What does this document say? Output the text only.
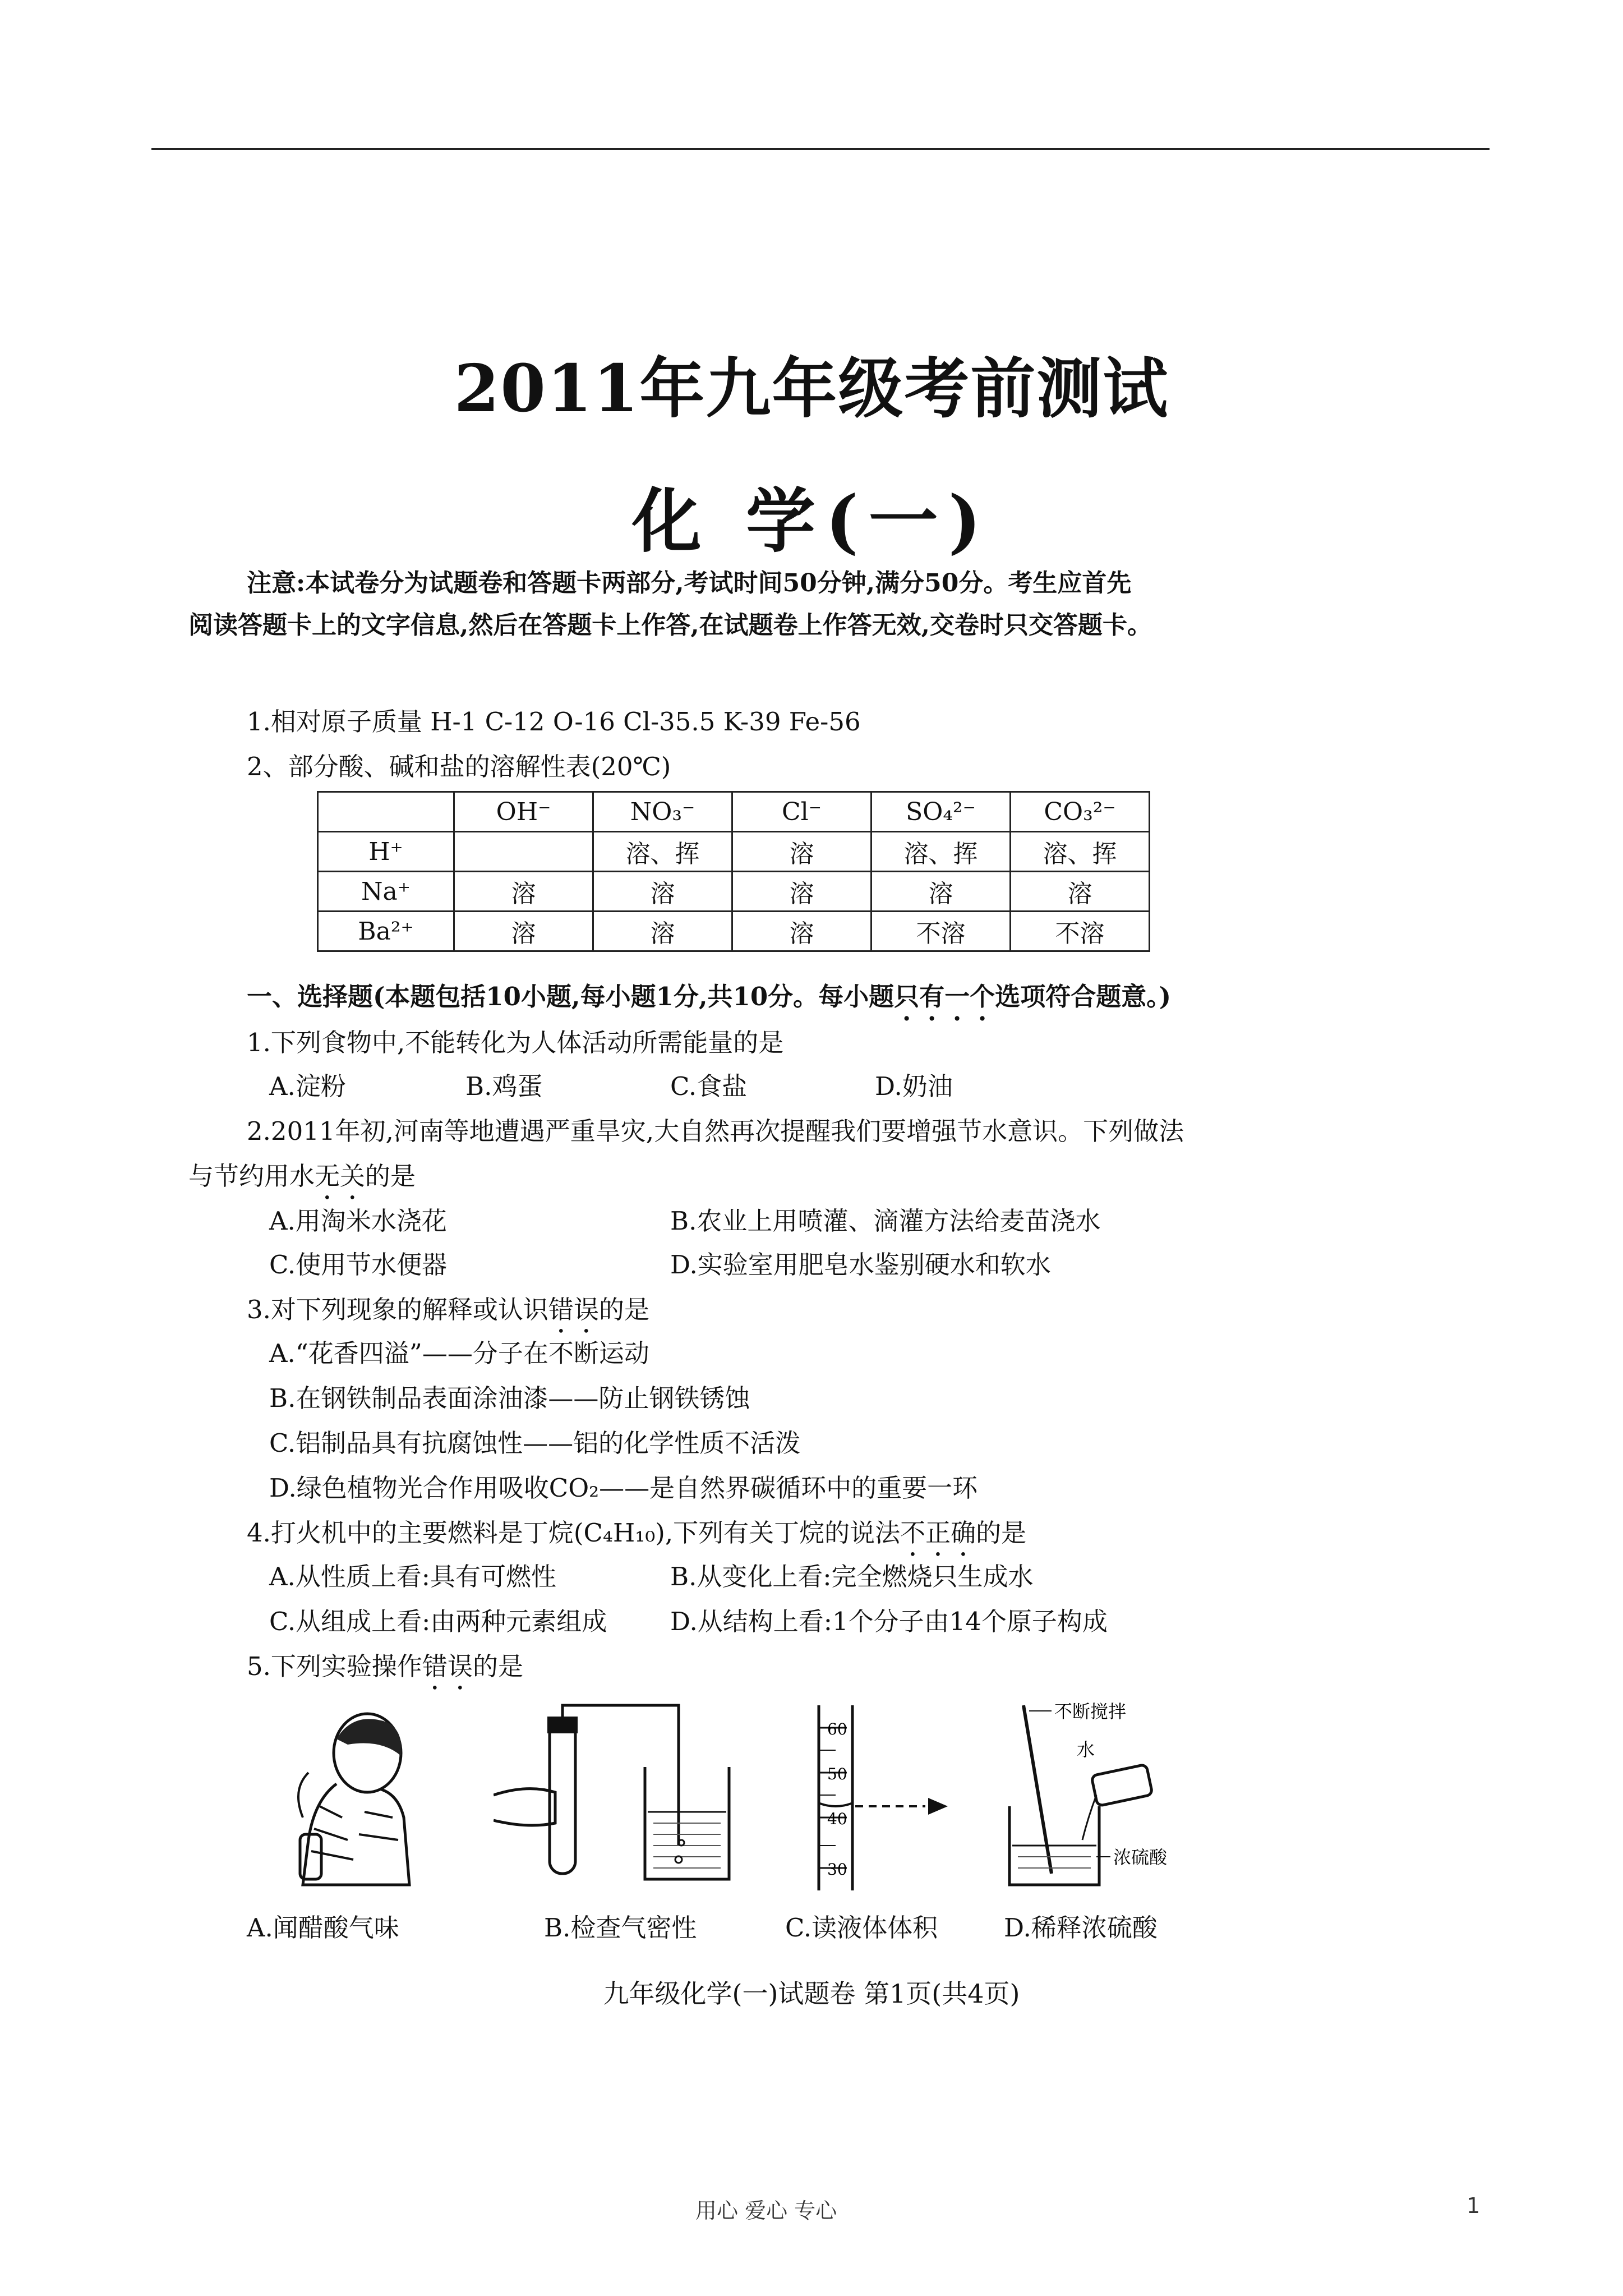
2011年九年级考前测试
化 学(一)
注意:本试卷分为试题卷和答题卡两部分,考试时间50分钟,满分50分。考生应首先
阅读答题卡上的文字信息,然后在答题卡上作答,在试题卷上作答无效,交卷时只交答题卡。
1.相对原子质量 H-1 C-12 O-16 Cl-35.5 K-39 Fe-56
2、部分酸、碱和盐的溶解性表(20℃)
	OH⁻	NO₃⁻	Cl⁻	SO₄²⁻	CO₃²⁻
H⁺		溶、挥	溶	溶、挥	溶、挥
Na⁺	溶	溶	溶	溶	溶
Ba²⁺	溶	溶	溶	不溶	不溶
一、选择题(本题包括10小题,每小题1分,共10分。每小题只有一个选项符合题意。)
1.下列食物中,不能转化为人体活动所需能量的是
A.淀粉	B.鸡蛋	C.食盐	D.奶油
2.2011年初,河南等地遭遇严重旱灾,大自然再次提醒我们要增强节水意识。下列做法
与节约用水无关的是
A.用淘米水浇花	B.农业上用喷灌、滴灌方法给麦苗浇水
C.使用节水便器	D.实验室用肥皂水鉴别硬水和软水
3.对下列现象的解释或认识错误的是
A.“花香四溢”——分子在不断运动
B.在钢铁制品表面涂油漆——防止钢铁锈蚀
C.铝制品具有抗腐蚀性——铝的化学性质不活泼
D.绿色植物光合作用吸收CO₂——是自然界碳循环中的重要一环
4.打火机中的主要燃料是丁烷(C₄H₁₀),下列有关丁烷的说法不正确的是
A.从性质上看:具有可燃性	B.从变化上看:完全燃烧只生成水
C.从组成上看:由两种元素组成	D.从结构上看:1个分子由14个原子构成
5.下列实验操作错误的是
60
50
40
30
不断搅拌
水
浓硫酸
A.闻醋酸气味	B.检查气密性	C.读液体体积	D.稀释浓硫酸
九年级化学(一)试题卷 第1页(共4页)
用心 爱心 专心	1
